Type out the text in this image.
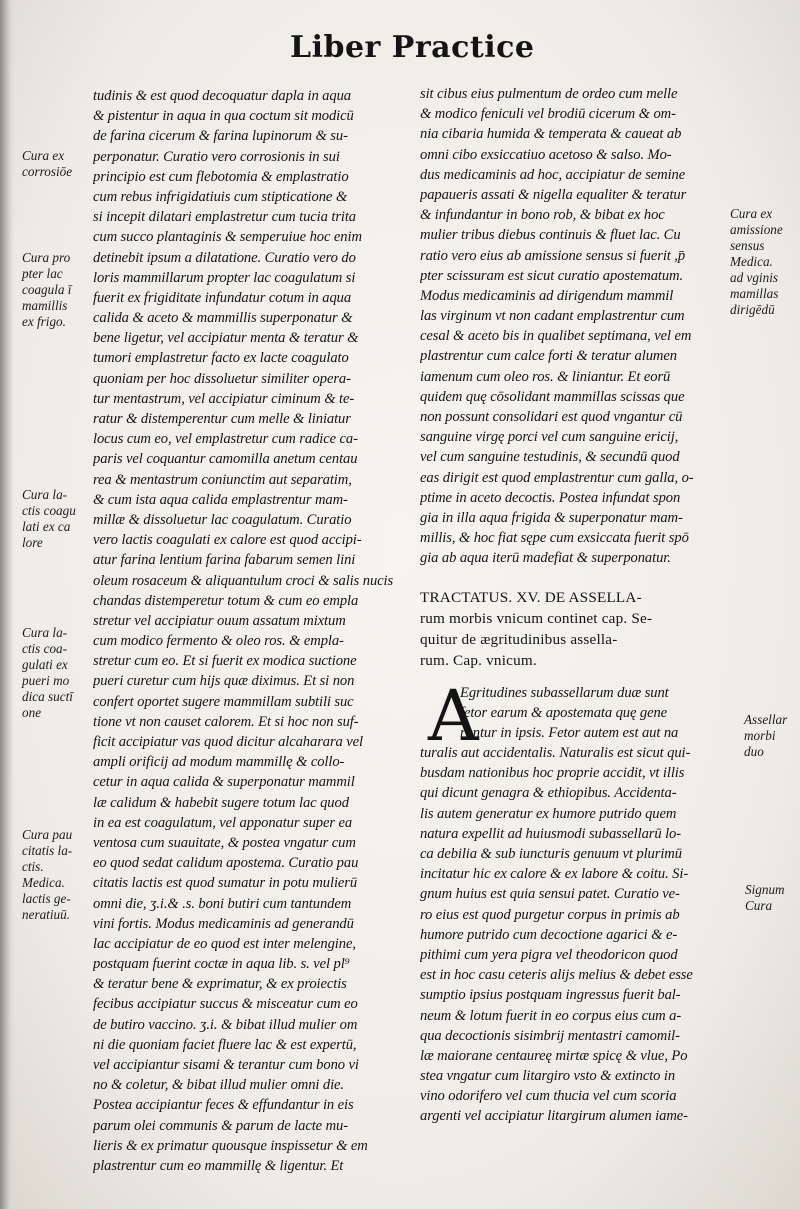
Liber Practice
tudinis & est quod decoquatur dapla in aqua
& pistentur in aqua in qua coctum sit modicū
de farina cicerum & farina lupinorum & su-
perponatur. Curatio vero corrosionis in sui
principio est cum flebotomia & emplastratio
cum rebus infrigidatiuis cum stipticatione &
si incepit dilatari emplastretur cum tucia trita
cum succo plantaginis & semperuiue hoc enim
detinebit ipsum a dilatatione. Curatio vero do
loris mammillarum propter lac coagulatum si
fuerit ex frigiditate infundatur cotum in aqua
calida & aceto & mammillis superponatur &
bene ligetur, vel accipiatur menta & teratur &
tumori emplastretur facto ex lacte coagulato
quoniam per hoc dissoluetur similiter opera-
tur mentastrum, vel accipiatur ciminum & te-
ratur & distemperentur cum melle & liniatur
locus cum eo, vel emplastretur cum radice ca-
paris vel coquantur camomilla anetum centau
rea & mentastrum coniunctim aut separatim,
& cum ista aqua calida emplastrentur mam-
millæ & dissoluetur lac coagulatum. Curatio
vero lactis coagulati ex calore est quod accipi-
atur farina lentium farina fabarum semen lini
oleum rosaceum & aliquantulum croci & salis nucis
chandas distemperetur totum & cum eo empla
stretur vel accipiatur ouum assatum mixtum
cum modico fermento & oleo ros. & empla-
stretur cum eo. Et si fuerit ex modica suctione
pueri curetur cum hijs quæ diximus. Et si non
confert oportet sugere mammillam subtili suc
tione vt non causet calorem. Et si hoc non suf-
ficit accipiatur vas quod dicitur alcaharara vel
ampli orificij ad modum mammillę & collo-
cetur in aqua calida & superponatur mammil
læ calidum & habebit sugere totum lac quod
in ea est coagulatum, vel apponatur super ea
ventosa cum suauitate, & postea vngatur cum
eo quod sedat calidum apostema. Curatio pau
citatis lactis est quod sumatur in potu mulierū
omni die, ʒ.i.& .s. boni butiri cum tantundem
vini fortis. Modus medicaminis ad generandū
lac accipiatur de eo quod est inter melengine,
postquam fuerint coctæ in aqua lib. s. vel pl⁹
& teratur bene & exprimatur, & ex proiectis
fecibus accipiatur succus & misceatur cum eo
de butiro vaccino. ʒ.i. & bibat illud mulier om
ni die quoniam faciet fluere lac & est expertū,
vel accipiantur sisami & terantur cum bono vi
no & coletur, & bibat illud mulier omni die.
Postea accipiantur feces & effundantur in eis
parum olei communis & parum de lacte mu-
lieris & ex primatur quousque inspissetur & em
plastrentur cum eo mammillę & ligentur. Et
sit cibus eius pulmentum de ordeo cum melle
& modico feniculi vel brodiū cicerum & om-
nia cibaria humida & temperata & caueat ab
omni cibo exsiccatiuo acetoso & salso. Mo-
dus medicaminis ad hoc, accipiatur de semine
papaueris assati & nigella equaliter & teratur
& infundantur in bono rob, & bibat ex hoc
mulier tribus diebus continuis & fluet lac. Cu
ratio vero eius ab amissione sensus si fuerit ,p̄
pter scissuram est sicut curatio apostematum.
Modus medicaminis ad dirigendum mammil
las virginum vt non cadant emplastrentur cum
cesal & aceto bis in qualibet septimana, vel em
plastrentur cum calce forti & teratur alumen
iamenum cum oleo ros. & liniantur. Et eorū
quidem quę cōsolidant mammillas scissas que
non possunt consolidari est quod vngantur cū
sanguine virgę porci vel cum sanguine ericij,
vel cum sanguine testudinis, & secundū quod
eas dirigit est quod emplastrentur cum galla, o-
ptime in aceto decoctis. Postea infundat spon
gia in illa aqua frigida & superponatur mam-
millis, & hoc fiat sępe cum exsiccata fuerit spō
gia ab aqua iterū madefiat & superponatur.
TRACTATUS. XV. DE ASSELLA-
rum morbis vnicum continet cap. Se-
quitur de ægritudinibus assella-
rum. Cap. vnicum.
A
Egritudines subassellarum duæ sunt
fetor earum & apostemata quę gene
rantur in ipsis. Fetor autem est aut na
turalis aut accidentalis. Naturalis est sicut qui-
busdam nationibus hoc proprie accidit, vt illis
qui dicunt genagra & ethiopibus. Accidenta-
lis autem generatur ex humore putrido quem
natura expellit ad huiusmodi subassellarū lo-
ca debilia & sub iuncturis genuum vt plurimū
incitatur hic ex calore & ex labore & coitu. Si-
gnum huius est quia sensui patet. Curatio ve-
ro eius est quod purgetur corpus in primis ab
humore putrido cum decoctione agarici & e-
pithimi cum yera pigra vel theodoricon quod
est in hoc casu ceteris alijs melius & debet esse
sumptio ipsius postquam ingressus fuerit bal-
neum & lotum fuerit in eo corpus eius cum a-
qua decoctionis sisimbrij mentastri camomil-
læ maiorane centaureę mirtæ spicę & vlue, Po
stea vngatur cum litargiro vsto & extincto in
vino odorifero vel cum thucia vel cum scoria
argenti vel accipiatur litargirum alumen iame-
Cura ex
corrosiōe
Cura pro
pter lac
coagula ī
mamillis
ex frigo.
Cura la-
ctis coagu
lati ex ca
lore
Cura la-
ctis coa-
gulati ex
pueri mo
dica suctī
one
Cura pau
citatis la-
ctis.
Medica.
lactis ge-
neratiuū.
Cura ex
amissione
sensus
Medica.
ad vginis
mamillas
dirigēdū
Assellar
morbi
duo
Signum
Cura
